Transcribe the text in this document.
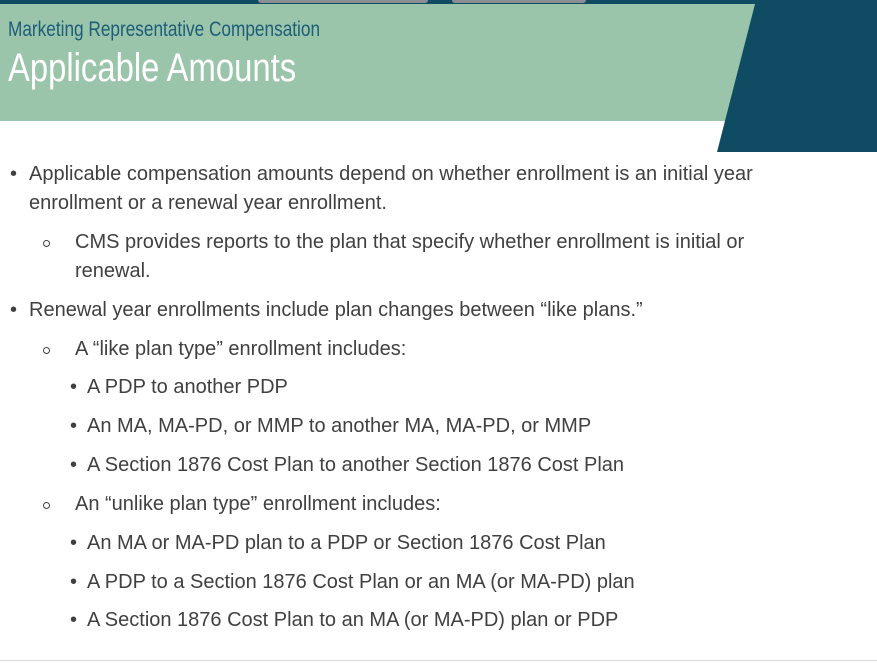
Marketing Representative Compensation
Applicable Amounts
• Applicable compensation amounts depend on whether enrollment is an initial year
enrollment or a renewal year enrollment.
CMS provides reports to the plan that specify whether enrollment is initial or
renewal.
• Renewal year enrollments include plan changes between “like plans.”
A “like plan type” enrollment includes:
• A PDP to another PDP
• An MA, MA-PD, or MMP to another MA, MA-PD, or MMP
• A Section 1876 Cost Plan to another Section 1876 Cost Plan
An “unlike plan type” enrollment includes:
• An MA or MA-PD plan to a PDP or Section 1876 Cost Plan
• A PDP to a Section 1876 Cost Plan or an MA (or MA-PD) plan
• A Section 1876 Cost Plan to an MA (or MA-PD) plan or PDP
